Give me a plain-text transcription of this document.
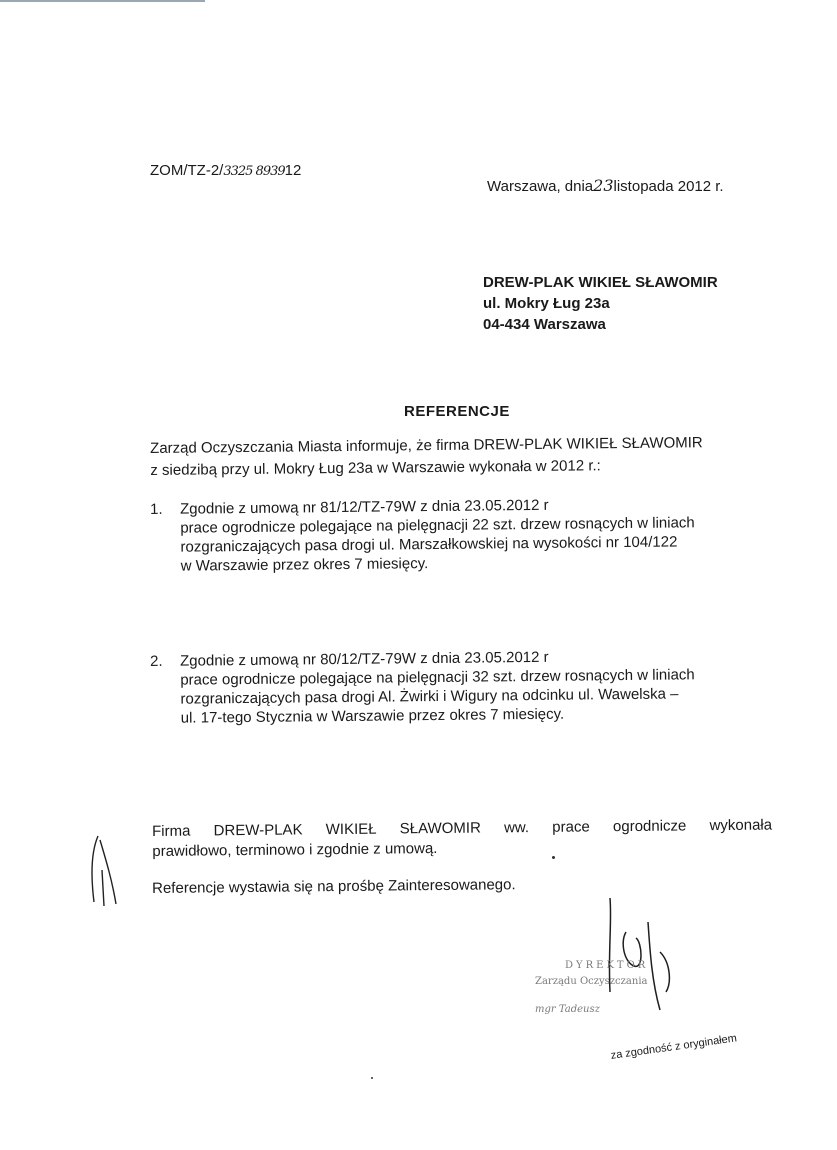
ZOM/TZ-2/3325 893912
Warszawa, dnia23listopada 2012 r.
DREW-PLAK WIKIEŁ SŁAWOMIR
ul. Mokry Ług 23a
04-434 Warszawa
REFERENCJE
Zarząd Oczyszczania Miasta informuje, że firma DREW-PLAK WIKIEŁ SŁAWOMIR
z siedzibą przy ul. Mokry Ług 23a w Warszawie wykonała w 2012 r.:
1.	Zgodnie z umową nr 81/12/TZ-79W z dnia 23.05.2012 r
prace ogrodnicze polegające na pielęgnacji 22 szt. drzew rosnących w liniach
rozgraniczających pasa drogi ul. Marszałkowskiej na wysokości nr 104/122
w Warszawie przez okres 7 miesięcy.
2.	Zgodnie z umową nr 80/12/TZ-79W z dnia 23.05.2012 r
prace ogrodnicze polegające na pielęgnacji 32 szt. drzew rosnących w liniach
rozgraniczających pasa drogi Al. Żwirki i Wigury na odcinku ul. Wawelska –
ul. 17-tego Stycznia w Warszawie przez okres 7 miesięcy.
Firma DREW-PLAK WIKIEŁ SŁAWOMIR ww. prace ogrodnicze wykonała
prawidłowo, terminowo i zgodnie z umową.
Referencje wystawia się na prośbę Zainteresowanego.
DYREKTOR
Zarządu Oczyszczania
mgr Tadeusz
za zgodność z oryginałem
